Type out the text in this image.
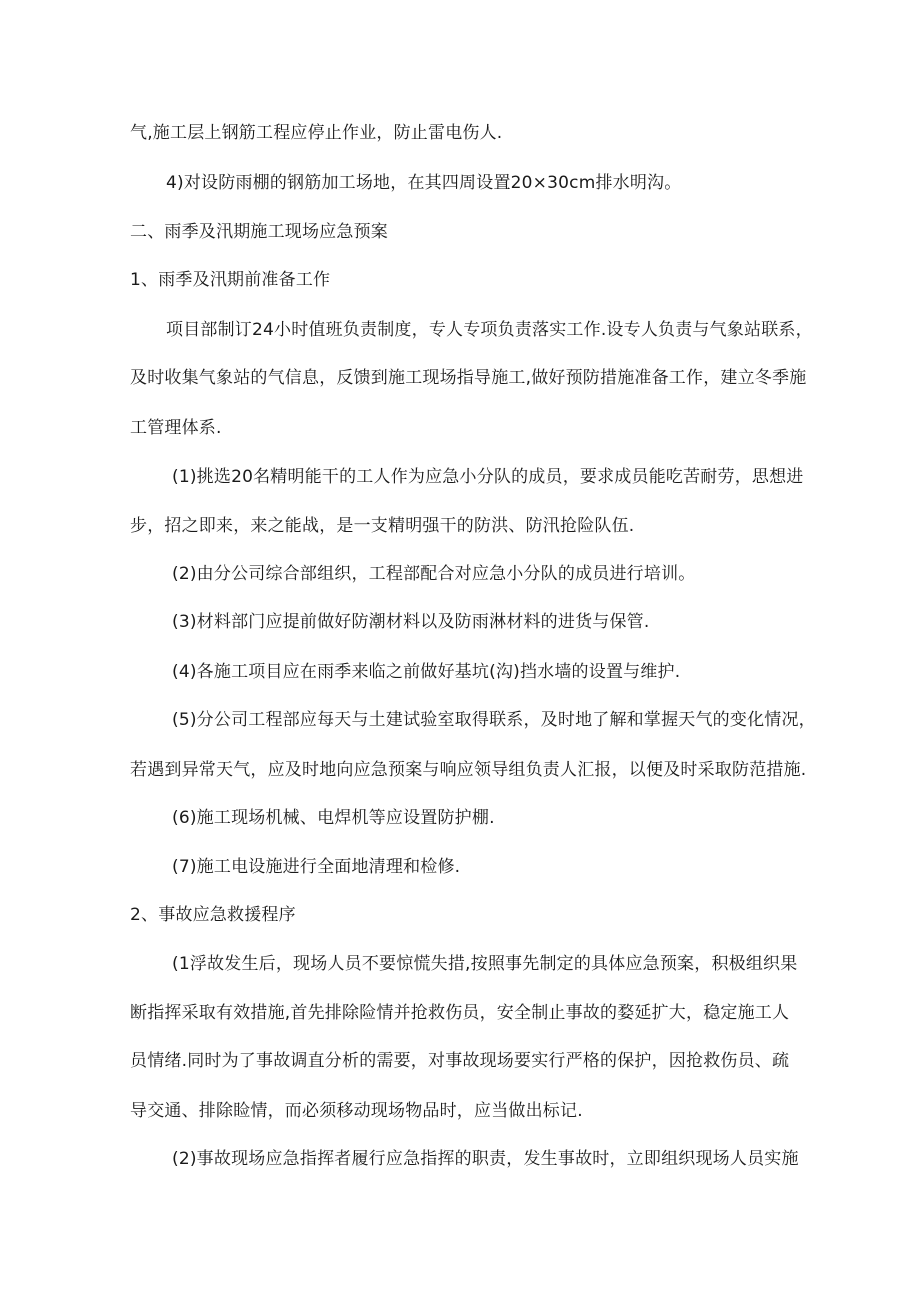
气,施工层上钢筋工程应停止作业，防止雷电伤人.
4)对设防雨棚的钢筋加工场地，在其四周设置20×30cm排水明沟。
二、雨季及汛期施工现场应急预案
1、雨季及汛期前准备工作
项目部制订24小时值班负责制度，专人专项负责落实工作.设专人负责与气象站联系，
及时收集气象站的气信息，反馈到施工现场指导施工,做好预防措施准备工作，建立冬季施
工管理体系.
(1)挑选20名精明能干的工人作为应急小分队的成员，要求成员能吃苦耐劳，思想进
步，招之即来，来之能战，是一支精明强干的防洪、防汛抢险队伍.
(2)由分公司综合部组织，工程部配合对应急小分队的成员进行培训。
(3)材料部门应提前做好防潮材料以及防雨淋材料的进货与保管.
(4)各施工项目应在雨季来临之前做好基坑(沟)挡水墙的设置与维护.
(5)分公司工程部应每天与土建试验室取得联系，及时地了解和掌握天气的变化情况，
若遇到异常天气，应及时地向应急预案与响应领导组负责人汇报，以便及时采取防范措施.
(6)施工现场机械、电焊机等应设置防护棚.
(7)施工电设施进行全面地清理和检修.
2、事故应急救援程序
(1浮故发生后，现场人员不要惊慌失措,按照事先制定的具体应急预案，积极组织果
断指挥采取有效措施,首先排除险情并抢救伤员，安全制止事故的婺延扩大，稳定施工人
员情绪.同时为了事故调直分析的需要，对事故现场要实行严格的保护，因抢救伤员、疏
导交通、排除睑情，而必须移动现场物品时，应当做出标记.
(2)事故现场应急指挥者履行应急指挥的职责，发生事故时，立即组织现场人员实施
